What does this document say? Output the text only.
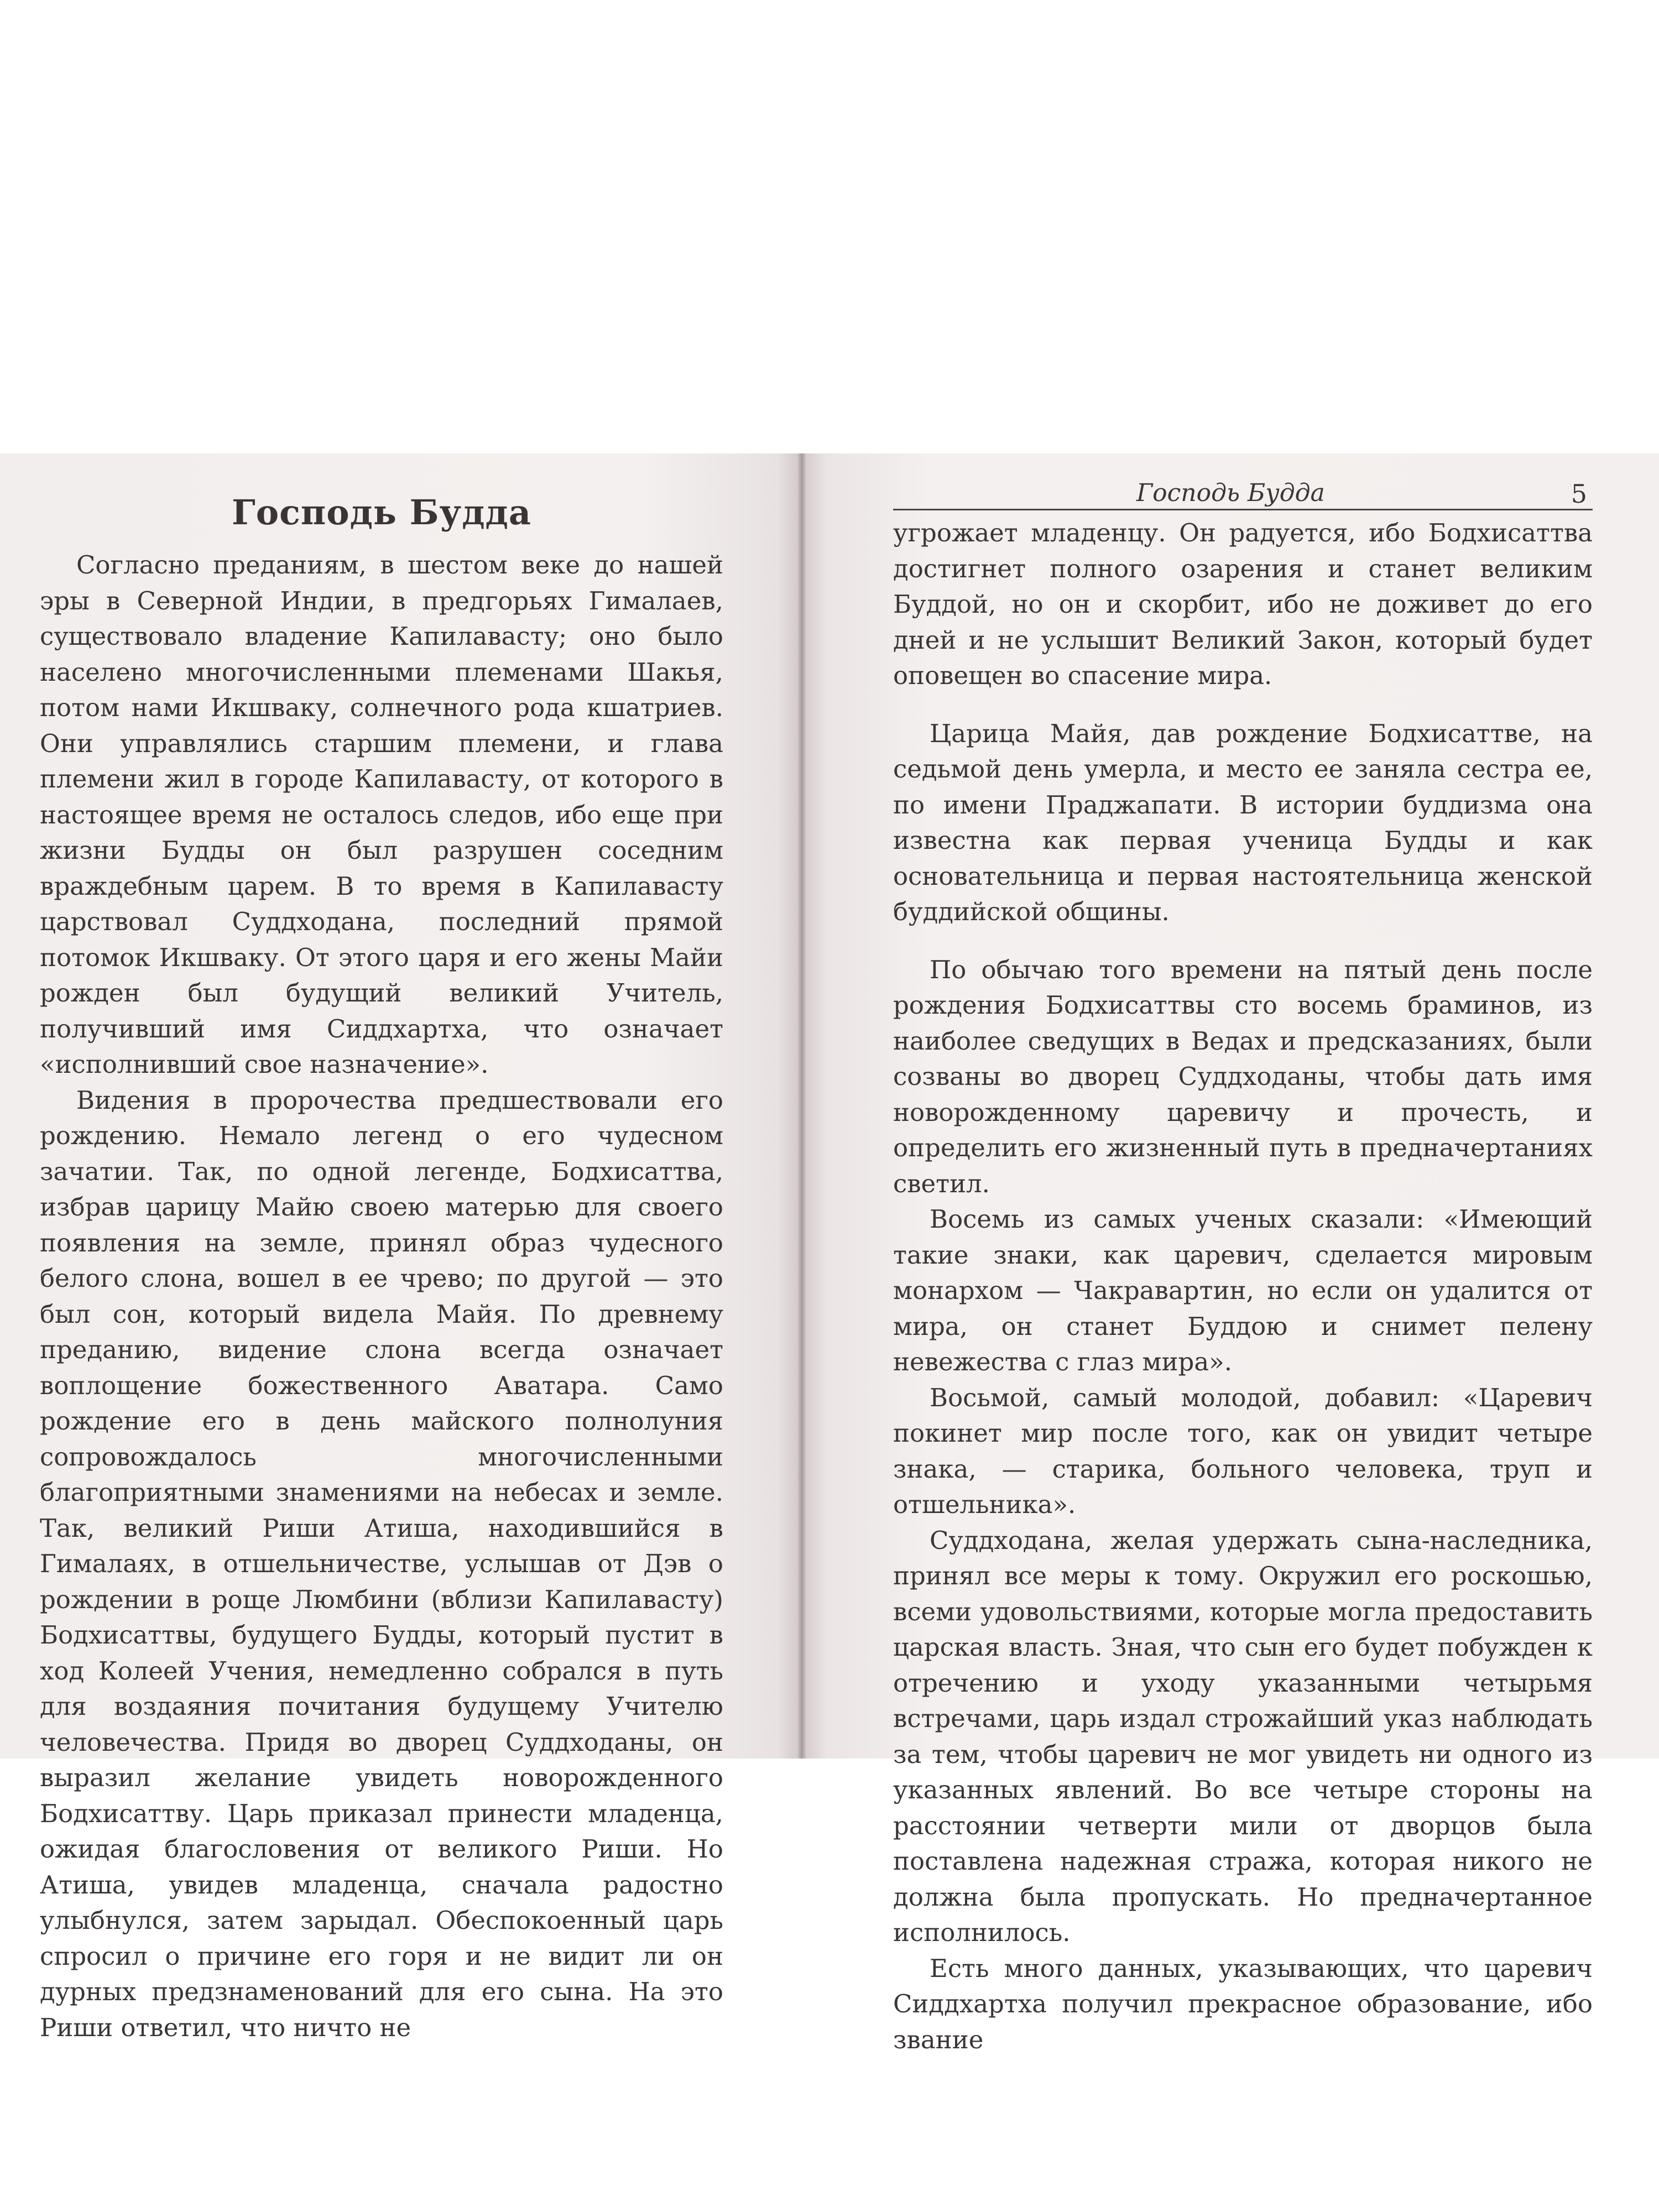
Господь Будда

Согласно преданиям, в шестом веке до нашей эры в Северной Индии, в предгорьях Гималаев, существовало владение Капилавасту; оно было населено многочисленными племенами Шакья, потом нами Икшваку, солнечного рода кшатриев. Они управлялись старшим племени, и глава племени жил в городе Капилавасту, от которого в настоящее время не осталось следов, ибо еще при жизни Будды он был разрушен соседним враждебным царем. В то время в Капилавасту царствовал Суддходана, последний прямой потомок Икшваку. От этого царя и его жены Майи рожден был будущий великий Учитель, получивший имя Сиддхартха, что означает «исполнивший свое назначение».

Видения в пророчества предшествовали его рождению. Немало легенд о его чудесном зачатии. Так, по одной легенде, Бодхисаттва, избрав царицу Майю своею матерью для своего появления на земле, принял образ чудесного белого слона, вошел в ее чрево; по другой — это был сон, который видела Майя. По древнему преданию, видение слона всегда означает воплощение божественного Аватара. Само рождение его в день майского полнолуния сопровождалось многочисленными благоприятными знамениями на небесах и земле. Так, великий Риши Атиша, находившийся в Гималаях, в отшельничестве, услышав от Дэв о рождении в роще Люмбини (вблизи Капилавасту) Бодхисаттвы, будущего Будды, который пустит в ход Колеей Учения, немедленно собрался в путь для воздаяния почитания будущему Учителю человечества. Придя во дворец Суддходаны, он выразил желание увидеть новорожденного Бодхисаттву. Царь приказал принести младенца, ожидая благословения от великого Риши. Но Атиша, увидев младенца, сначала радостно улыбнулся, затем зарыдал. Обеспокоенный царь спросил о причине его горя и не видит ли он дурных предзнаменований для его сына. На это Риши ответил, что ничто не

Господь Будда	5

угрожает младенцу. Он радуется, ибо Бодхисаттва достигнет полного озарения и станет великим Буддой, но он и скорбит, ибо не доживет до его дней и не услышит Великий Закон, который будет оповещен во спасение мира.

Царица Майя, дав рождение Бодхисаттве, на седьмой день умерла, и место ее заняла сестра ее, по имени Праджапати. В истории буддизма она известна как первая ученица Будды и как основательница и первая настоятельница женской буддийской общины.

По обычаю того времени на пятый день после рождения Бодхисаттвы сто восемь браминов, из наиболее сведущих в Ведах и предсказаниях, были созваны во дворец Суддходаны, чтобы дать имя новорожденному царевичу и прочесть, и определить его жизненный путь в предначертаниях светил.

Восемь из самых ученых сказали: «Имеющий такие знаки, как царевич, сделается мировым монархом — Чакравартин, но если он удалится от мира, он станет Буддою и снимет пелену невежества с глаз мира».

Восьмой, самый молодой, добавил: «Царевич покинет мир после того, как он увидит четыре знака, — старика, больного человека, труп и отшельника».

Суддходана, желая удержать сына-наследника, принял все меры к тому. Окружил его роскошью, всеми удовольствиями, которые могла предоставить царская власть. Зная, что сын его будет побужден к отречению и уходу указанными четырьмя встречами, царь издал строжайший указ наблюдать за тем, чтобы царевич не мог увидеть ни одного из указанных явлений. Во все четыре стороны на расстоянии четверти мили от дворцов была поставлена надежная стража, которая никого не должна была пропускать. Но предначертанное исполнилось.

Есть много данных, указывающих, что царевич Сиддхартха получил прекрасное образование, ибо звание
